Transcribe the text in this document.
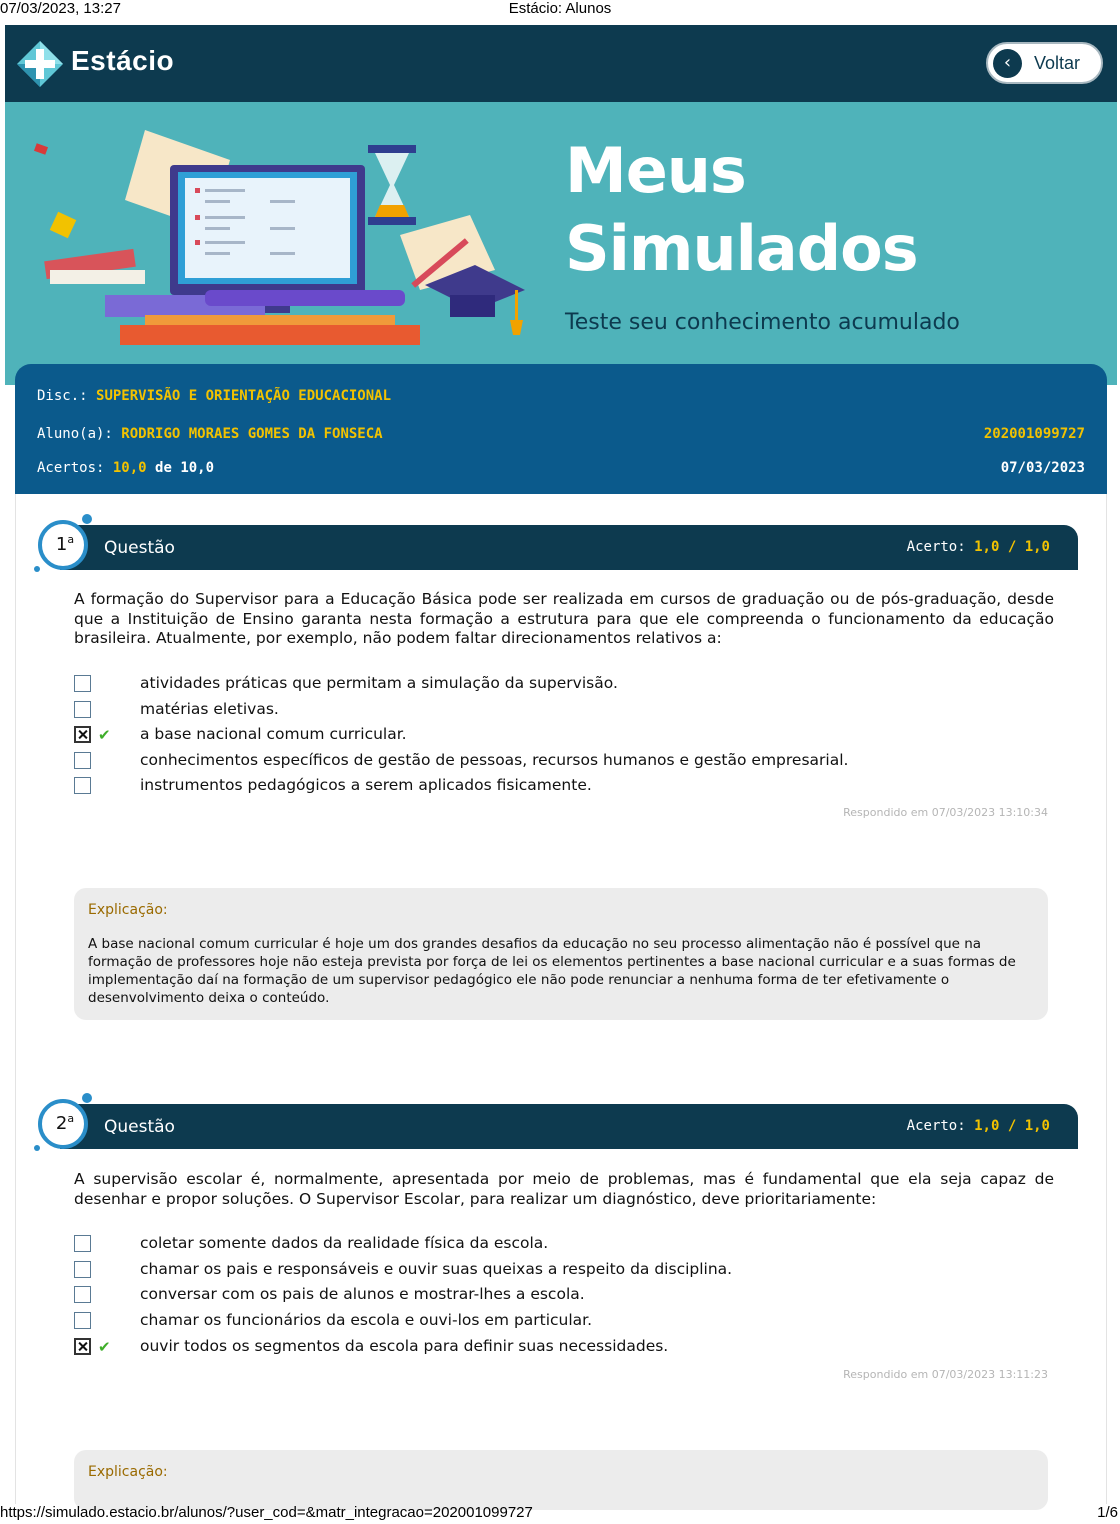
07/03/2023, 13:27	Estácio: Alunos
Estácio	‹	Voltar
Meus
Simulados
Teste seu conhecimento acumulado
Disc.: SUPERVISÃO E ORIENTAÇÃO EDUCACIONAL
Aluno(a): RODRIGO MORAES GOMES DA FONSECA	202001099727
Acertos: 10,0 de 10,0	07/03/2023
Questão	Acerto: 1,0 / 1,0
1$^a$
A formação do Supervisor para a Educação Básica pode ser realizada em cursos de graduação ou de pós-graduação, desde que a Instituição de Ensino garanta nesta formação a estrutura para que ele compreenda o funcionamento da educação brasileira. Atualmente, por exemplo, não podem faltar direcionamentos relativos a:
atividades práticas que permitam a simulação da supervisão.
matérias eletivas.
✔ a base nacional comum curricular.
conhecimentos específicos de gestão de pessoas, recursos humanos e gestão empresarial.
instrumentos pedagógicos a serem aplicados fisicamente.
Respondido em 07/03/2023 13:10:34
Explicação:
A base nacional comum curricular é hoje um dos grandes desafios da educação no seu processo alimentação não é possível que na formação de professores hoje não esteja prevista por força de lei os elementos pertinentes a base nacional curricular e a suas formas de implementação daí na formação de um supervisor pedagógico ele não pode renunciar a nenhuma forma de ter efetivamente o desenvolvimento deixa o conteúdo.
Questão	Acerto: 1,0 / 1,0
2$^a$
A supervisão escolar é, normalmente, apresentada por meio de problemas, mas é fundamental que ela seja capaz de desenhar e propor soluções. O Supervisor Escolar, para realizar um diagnóstico, deve prioritariamente:
coletar somente dados da realidade física da escola.
chamar os pais e responsáveis e ouvir suas queixas a respeito da disciplina.
conversar com os pais de alunos e mostrar-lhes a escola.
chamar os funcionários da escola e ouvi-los em particular.
✔ ouvir todos os segmentos da escola para definir suas necessidades.
Respondido em 07/03/2023 13:11:23
Explicação:
https://simulado.estacio.br/alunos/?user_cod=&matr_integracao=202001099727	1/6
